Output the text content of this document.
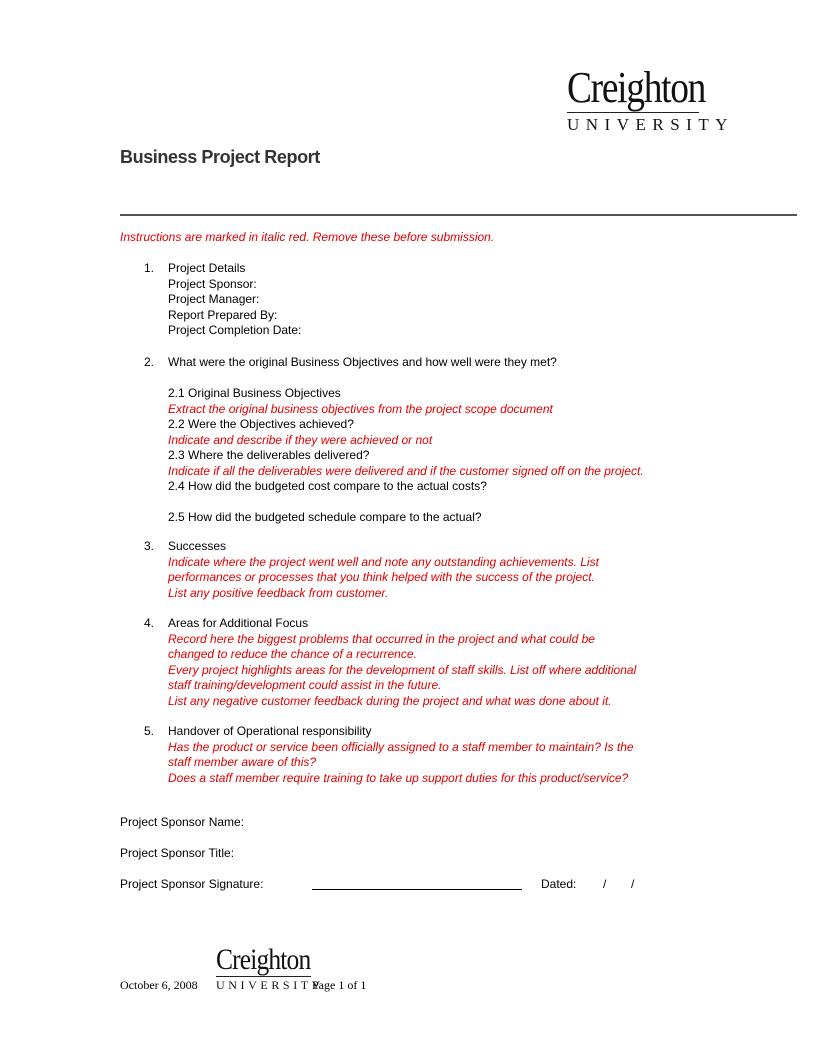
Creighton
UNIVERSITY
Business Project Report
Instructions are marked in italic red. Remove these before submission.
1. Project Details
Project Sponsor:
Project Manager:
Report Prepared By:
Project Completion Date:
2. What were the original Business Objectives and how well were they met?
2.1 Original Business Objectives
Extract the original business objectives from the project scope document
2.2 Were the Objectives achieved?
Indicate and describe if they were achieved or not
2.3 Where the deliverables delivered?
Indicate if all the deliverables were delivered and if the customer signed off on the project.
2.4 How did the budgeted cost compare to the actual costs?
2.5 How did the budgeted schedule compare to the actual?
3. Successes
Indicate where the project went well and note any outstanding achievements. List
performances or processes that you think helped with the success of the project.
List any positive feedback from customer.
4. Areas for Additional Focus
Record here the biggest problems that occurred in the project and what could be
changed to reduce the chance of a recurrence.
Every project highlights areas for the development of staff skills. List off where additional
staff training/development could assist in the future.
List any negative customer feedback during the project and what was done about it.
5. Handover of Operational responsibility
Has the product or service been officially assigned to a staff member to maintain? Is the
staff member aware of this?
Does a staff member require training to take up support duties for this product/service?
Project Sponsor Name:
Project Sponsor Title:
Project Sponsor Signature:	Dated: / /
October 6, 2008
Creighton
UNIVERSITY
Page 1 of 1
